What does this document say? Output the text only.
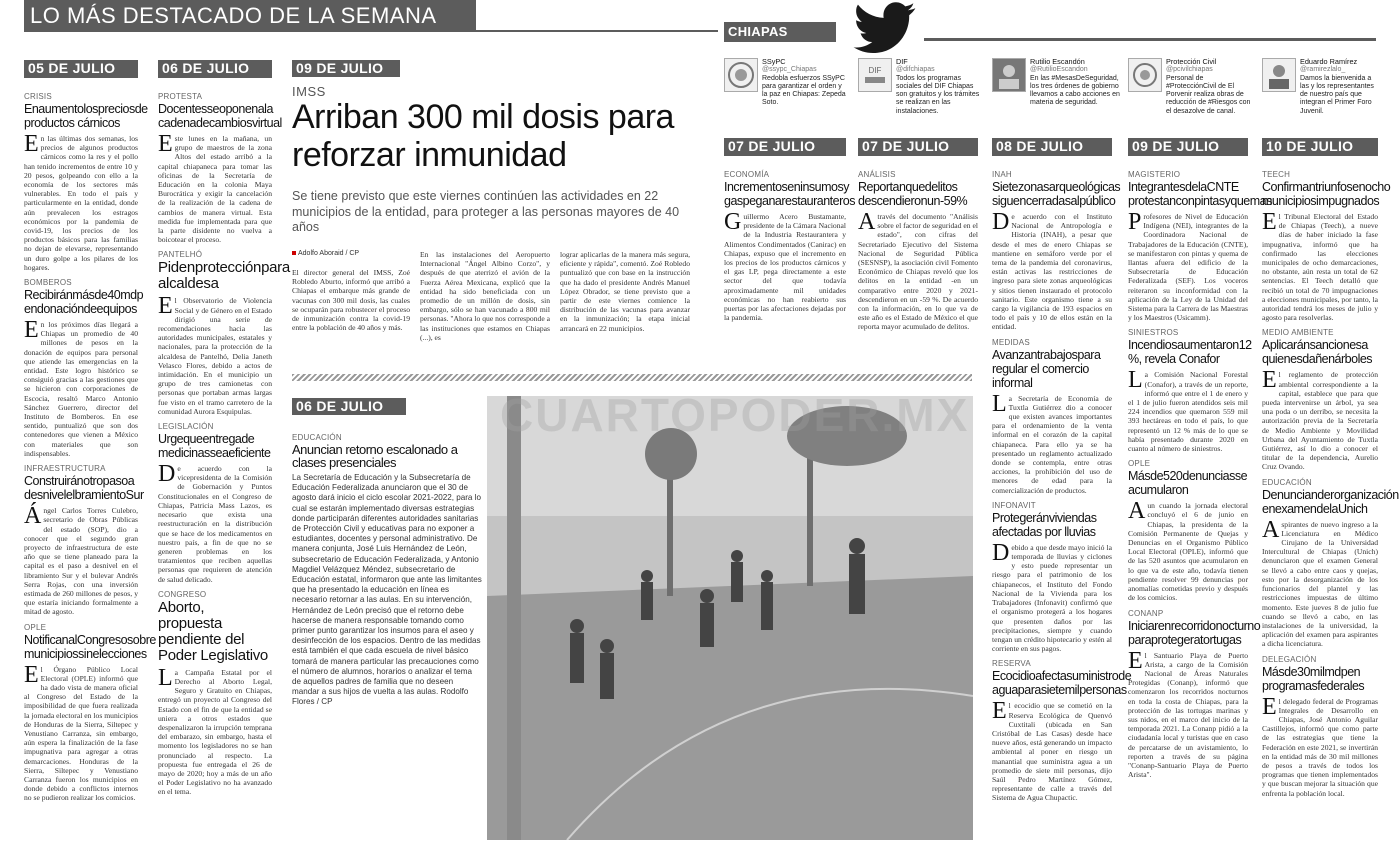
LO MÁS DESTACADO DE LA SEMANA
CHIAPAS TWEETS
SSyPC
@ssypc_Chiapas
Redobla esfuerzos SSyPC para garantizar el orden y la paz en Chiapas: Zepeda Soto.
DIF
DIF
@difchiapas
Todos los programas sociales del DIF Chiapas son gratuitos y los trámites se realizan en las instalaciones.
Rutilio Escandón
@RutilioEscandon
En las #MesasDeSeguridad, los tres órdenes de gobierno llevamos a cabo acciones en materia de seguridad.
Protección Civil
@pcivilchiapas
Personal de #ProtecciónCivil de El Porvenir realiza obras de reducción de #Riesgos con el desazolve de canal.
Eduardo Ramírez
@ramirezlalo_
Damos la bienvenida a las y los representantes de nuestro país que integran el Primer Foro Juvenil.
05 DE JULIO
CRISIS
Enaumentolospreciosde productos cárnicos
En las últimas dos semanas, los precios de algunos productos cárnicos como la res y el pollo han tenido incrementos de entre 10 y 20 pesos, golpeando con ello a la economía de los sectores más vulnerables. En todo el país y particularmente en la entidad, donde aún prevalecen los estragos económicos por la pandemia de covid-19, los precios de los productos básicos para las familias no dejan de elevarse, representando un duro golpe a los pilares de los hogares.
BOMBEROS
Recibiránmásde40mdp endonacióndeequipos
En los próximos días llegará a Chiapas un promedio de 40 millones de pesos en la donación de equipos para personal que atiende las emergencias en la entidad. Este logro histórico se consiguió gracias a las gestiones que se hicieron con corporaciones de Escocia, resaltó Marco Antonio Sánchez Guerrero, director del Instituto de Bomberos. En ese sentido, puntualizó que son dos contenedores que vienen a México con materiales que son indispensables.
INFRAESTRUCTURA
Construiránotropasoa desnivelelbramientoSur
Ángel Carlos Torres Culebro, secretario de Obras Públicas del estado (SOP), dio a conocer que el segundo gran proyecto de infraestructura de este año que se tiene planeado para la capital es el paso a desnivel en el libramiento Sur y el bulevar Andrés Serra Rojas, con una inversión estimada de 260 millones de pesos, y que estaría iniciando formalmente a mitad de agosto.
OPLE
NotificanalCongresosobre municipiossinelecciones
El Órgano Público Local Electoral (OPLE) informó que ha dado vista de manera oficial al Congreso del Estado de la imposibilidad de que fuera realizada la jornada electoral en los municipios de Honduras de la Sierra, Siltepec y Venustiano Carranza, sin embargo, aún espera la finalización de la fase impugnativa para agregar a otras demarcaciones. Honduras de la Sierra, Siltepec y Venustiano Carranza fueron los municipios en donde debido a conflictos internos no se pudieron realizar los comicios.
06 DE JULIO
PROTESTA
Docentesseoponenala cadenadecambiosvirtual
Este lunes en la mañana, un grupo de maestros de la zona Altos del estado arribó a la capital chiapaneca para tomar las oficinas de la Secretaría de Educación en la colonia Maya Burocrática y exigir la cancelación de la realización de la cadena de cambios de manera virtual. Esta medida fue implementada para que la parte disidente no vuelva a boicotear el proceso.
PANTELHÓ
Pidenprotecciónpara alcaldesa
El Observatorio de Violencia Social y de Género en el Estado dirigió una serie de recomendaciones hacia las autoridades municipales, estatales y nacionales, para la protección de la alcaldesa de Pantelhó, Delia Janeth Velasco Flores, debido a actos de intimidación. En el municipio un grupo de tres camionetas con personas que portaban armas largas fue visto en el tramo carretero de la comunidad Aurora Esquipulas.
LEGISLACIÓN
Urgequeentregade medicinasseaeficiente
De acuerdo con la vicepresidenta de la Comisión de Gobernación y Puntos Constitucionales en el Congreso de Chiapas, Patricia Mass Lazos, es necesario que exista una reestructuración en la distribución que se hace de los medicamentos en nuestro país, a fin de que no se generen problemas en los tratamientos que reciben aquellas personas que requieren de atención de salud delicado.
CONGRESO
Aborto, propuesta pendiente del Poder Legislativo
La Campaña Estatal por el Derecho al Aborto Legal, Seguro y Gratuito en Chiapas, entregó un proyecto al Congreso del Estado con el fin de que la entidad se uniera a otros estados que despenalizaron la irrupción temprana del embarazo, sin embargo, hasta el momento los legisladores no se han pronunciado al respecto. La propuesta fue entregada el 26 de mayo de 2020; hoy a más de un año el Poder Legislativo no ha avanzado en el tema.
09 DE JULIO
IMSS
Arriban 300 mil dosis para reforzar inmunidad
Se tiene previsto que este viernes continúen las actividades en 22 municipios de la entidad, para proteger a las personas mayores de 40 años
Adolfo Aboraid / CP
El director general del IMSS, Zoé Robledo Aburto, informó que arribó a Chiapas el embarque más grande de vacunas con 300 mil dosis, las cuales se ocuparán para robustecer el proceso de inmunización contra la covid-19 entre la población de 40 años y más.
En las instalaciones del Aeropuerto Internacional "Ángel Albino Corzo", y después de que aterrizó el avión de la Fuerza Aérea Mexicana, explicó que la entidad ha sido beneficiada con un promedio de un millón de dosis, sin embargo, sólo se han vacunado a 800 mil personas. "Ahora lo que nos corresponde a las instituciones que estamos en Chiapas (...), es
lograr aplicarlas de la manera más segura, eficiente y rápida", comentó. Zoé Robledo puntualizó que con base en la instrucción que ha dado el presidente Andrés Manuel López Obrador, se tiene previsto que a partir de este viernes comience la distribución de las vacunas para avanzar en la inmunización; la etapa inicial arrancará en 22 municipios.
06 DE JULIO
EDUCACIÓN
Anuncian retorno escalonado a clases presenciales
La Secretaría de Educación y la Subsecretaría de Educación Federalizada anunciaron que el 30 de agosto dará inicio el ciclo escolar 2021-2022, para lo cual se estarán implementado diversas estrategias donde participarán diferentes autoridades sanitarias de Protección Civil y educativas para no exponer a estudiantes, docentes y personal administrativo. De manera conjunta, José Luis Hernández de León, subsecretario de Educación Federalizada, y Antonio Magdiel Velázquez Méndez, subsecretario de Educación estatal, informaron que ante las limitantes que ha presentado la educación en línea es necesario retornar a las aulas. En su intervención, Hernández de León precisó que el retorno debe hacerse de manera responsable tomando como primer punto garantizar los insumos para el aseo y desinfección de los espacios. Dentro de las medidas está también el que cada escuela de nivel básico tomará de manera particular las precauciones como el número de alumnos, horarios o analizar el tema de aquellos padres de familia que no deseen mandar a sus hijos de vuelta a las aulas. Rodolfo Flores / CP
CUARTOPODER.MX
07 DE JULIO
ECONOMÍA
Incrementoseninsumosy gaspeganarestauranteros
Guillermo Acero Bustamante, presidente de la Cámara Nacional de la Industria Restaurantera y Alimentos Condimentados (Canirac) en Chiapas, expuso que el incremento en los precios de los productos cárnicos y el gas LP, pega directamente a este sector del que todavía aproximadamente mil unidades económicas no han reabierto sus puertas por las afectaciones dejadas por la pandemia.
07 DE JULIO
ANÁLISIS
Reportanquedelitos descendieronun-59%
Através del documento "Análisis sobre el factor de seguridad en el estado", con cifras del Secretariado Ejecutivo del Sistema Nacional de Seguridad Pública (SESNSP), la asociación civil Fomento Económico de Chiapas reveló que los delitos en la entidad -en un comparativo entre 2020 y 2021- descendieron en un -59 %. De acuerdo con la información, en lo que va de este año es el Estado de México el que reporta mayor acumulado de delitos.
08 DE JULIO
INAH
Sietezonasarqueológicas siguencerradasalpúblico
De acuerdo con el Instituto Nacional de Antropología e Historia (INAH), a pesar que desde el mes de enero Chiapas se mantiene en semáforo verde por el tema de la pandemia del coronavirus, están activas las restricciones de ingreso para siete zonas arqueológicas y sitios tienen instaurado el protocolo sanitario. Este organismo tiene a su cargo la vigilancia de 193 espacios en todo el país y 10 de ellos están en la entidad.
MEDIDAS
Avanzantrabajospara regular el comercio informal
La Secretaría de Economía de Tuxtla Gutiérrez dio a conocer que existen avances importantes para el ordenamiento de la venta informal en el corazón de la capital chiapaneca. Para ello ya se ha presentado un reglamento actualizado donde se contempla, entre otras acciones, la prohibición del uso de menores de edad para la comercialización de productos.
INFONAVIT
Protegeránviviendas afectadas por lluvias
Debido a que desde mayo inició la temporada de lluvias y ciclones y esto puede representar un riesgo para el patrimonio de los chiapanecos, el Instituto del Fondo Nacional de la Vivienda para los Trabajadores (Infonavit) confirmó que el organismo protegerá a los hogares que presenten daños por las precipitaciones, siempre y cuando tengan un crédito hipotecario y estén al corriente en sus pagos.
RESERVA
Ecocidioafectasuministrode aguaparasietemilpersonas
El ecocidio que se cometió en la Reserva Ecológica de Quenvó Cuxtitali (ubicada en San Cristóbal de Las Casas) desde hace nueve años, está generando un impacto ambiental al poner en riesgo un manantial que suministra agua a un promedio de siete mil personas, dijo Saúl Pedro Martínez Gómez, representante de calle a través del Sistema de Agua Chupactic.
09 DE JULIO
MAGISTERIO
IntegrantesdelaCNTE protestanconpintasyquemas
Profesores de Nivel de Educación Indígena (NEI), integrantes de la Coordinadora Nacional de Trabajadores de la Educación (CNTE), se manifestaron con pintas y quema de llantas afuera del edificio de la Subsecretaría de Educación Federalizada (SEF). Los voceros reiteraron su inconformidad con la aplicación de la Ley de la Unidad del Sistema para la Carrera de las Maestras y los Maestros (Usicamm).
SINIESTROS
Incendiosaumentaron12 %, revela Conafor
La Comisión Nacional Forestal (Conafor), a través de un reporte, informó que entre el 1 de enero y el 1 de julio fueron atendidos seis mil 224 incendios que quemaron 559 mil 393 hectáreas en todo el país, lo que representó un 12 % más de lo que se había presentado durante 2020 en cuanto al número de siniestros.
OPLE
Másde520denunciasse acumularon
Aun cuando la jornada electoral concluyó el 6 de junio en Chiapas, la presidenta de la Comisión Permanente de Quejas y Denuncias en el Organismo Público Local Electoral (OPLE), informó que de las 520 asuntos que acumularon en lo que va de este año, todavía tienen pendiente resolver 99 denuncias por anomalías cometidas previo y después de los comicios.
CONANP
Iniciarenrecorridonocturno paraprotegeratortugas
El Santuario Playa de Puerto Arista, a cargo de la Comisión Nacional de Áreas Naturales Protegidas (Conanp), informó que comenzaron los recorridos nocturnos en toda la costa de Chiapas, para la protección de las tortugas marinas y sus nidos, en el marco del inicio de la temporada 2021. La Conanp pidió a la ciudadanía local y turistas que en caso de percatarse de un avistamiento, lo reporten a través de su página "Conanp-Santuario Playa de Puerto Arista".
10 DE JULIO
TEECH
Confirmantriunfosenocho municipiosimpugnados
El Tribunal Electoral del Estado de Chiapas (Teech), a nueve días de haber iniciado la fase impugnativa, informó que ha confirmado las elecciones municipales de ocho demarcaciones, no obstante, aún resta un total de 62 sentencias. El Teech detalló que recibió un total de 70 impugnaciones a elecciones municipales, por tanto, la autoridad tendrá los meses de julio y agosto para resolverlas.
MEDIO AMBIENTE
Aplicaránsancionesa quienesdañenárboles
El reglamento de protección ambiental correspondiente a la capital, establece que para que pueda intervenirse un árbol, ya sea una poda o un derribo, se necesita la autorización previa de la Secretaría de Medio Ambiente y Movilidad Urbana del Ayuntamiento de Tuxtla Gutiérrez, así lo dio a conocer el titular de la dependencia, Aurelio Cruz Ovando.
EDUCACIÓN
Denuncianderorganización enexamendelaUnich
Aspirantes de nuevo ingreso a la Licenciatura en Médico Cirujano de la Universidad Intercultural de Chiapas (Unich) denunciaron que el examen General se llevó a cabo entre caos y quejas, esto por la desorganización de los funcionarios del plantel y las restricciones impuestas de último momento. Este jueves 8 de julio fue cuando se llevó a cabo, en las instalaciones de la universidad, la aplicación del examen para aspirantes a dicha licenciatura.
DELEGACIÓN
Másde30milmdpen programasfederales
El delegado federal de Programas Integrales de Desarrollo en Chiapas, José Antonio Aguilar Castillejos, informó que como parte de las estrategias que tiene la Federación en este 2021, se invertirán en la entidad más de 30 mil millones de pesos a través de todos los programas que tienen implementados y que buscan mejorar la situación que enfrenta la población local.
